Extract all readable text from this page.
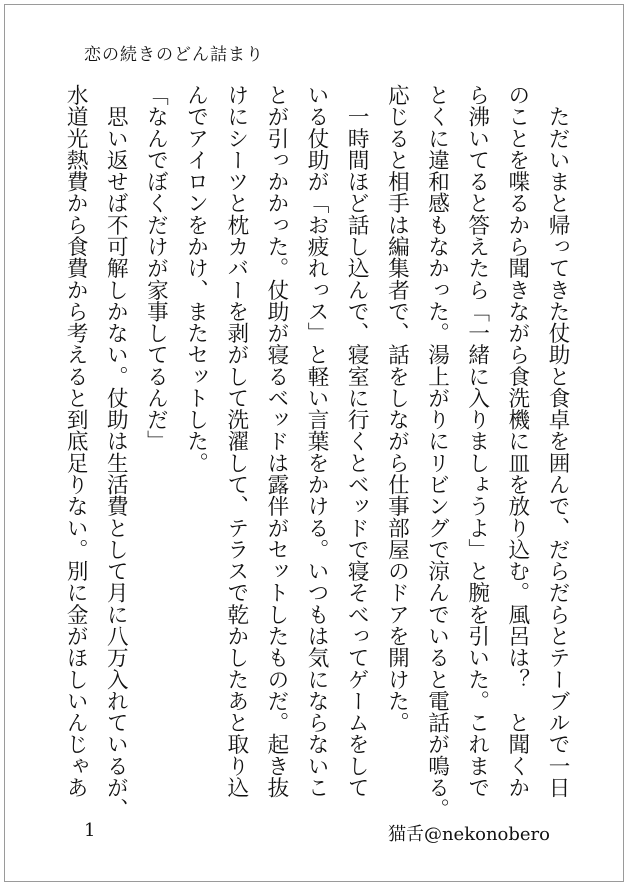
恋の続きのどん詰まり

　ただいまと帰ってきた仗助と食卓を囲んで、だらだらとテーブルで一日

のことを喋るから聞きながら食洗機に皿を放り込む。風呂は？　と聞くか

ら沸いてると答えたら「一緒に入りましょうよ」と腕を引いた。これまで

とくに違和感もなかった。湯上がりにリビングで涼んでいると電話が鳴る。

応じると相手は編集者で、話をしながら仕事部屋のドアを開けた。

　一時間ほど話し込んで、寝室に行くとベッドで寝そべってゲームをして

いる仗助が「お疲れっス」と軽い言葉をかける。いつもは気にならないこ

とが引っかかった。仗助が寝るベッドは露伴がセットしたものだ。起き抜

けにシーツと枕カバーを剥がして洗濯して、テラスで乾かしたあと取り込

んでアイロンをかけ、またセットした。

「なんでぼくだけが家事してるんだ」

　思い返せば不可解しかない。仗助は生活費として月に八万入れているが、

水道光熱費から食費から考えると到底足りない。別に金がほしいんじゃあ

1	猫舌@nekonobero
